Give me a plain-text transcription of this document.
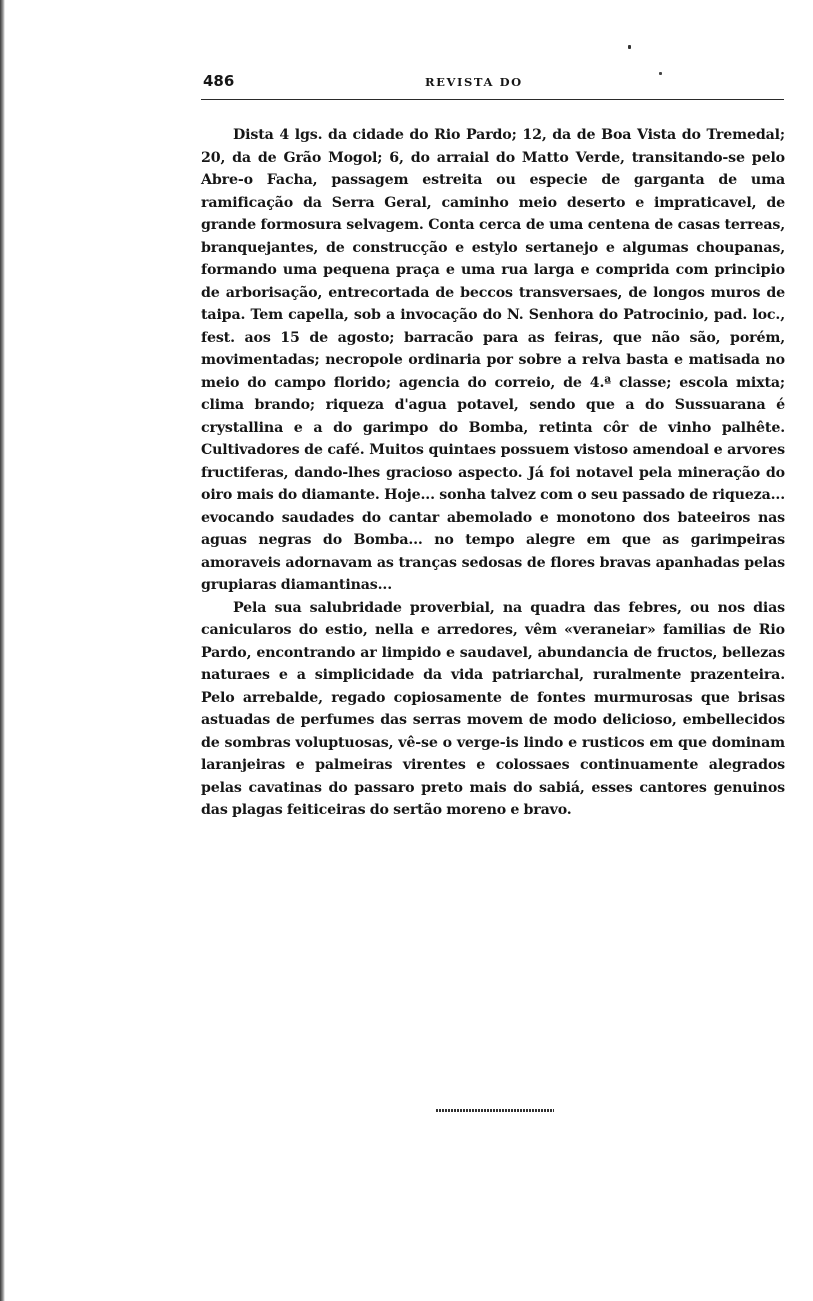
486	REVISTA DO

Dista 4 lgs. da cidade do Rio Pardo; 12, da de Boa Vista do Tremedal; 20, da de Grão Mogol; 6, do arraial do Matto Verde, transitando-se pelo Abre-o Facha, passagem estreita ou especie de garganta de uma ramificação da Serra Geral, caminho meio deserto e impraticavel, de grande formosura selvagem. Conta cerca de uma centena de casas terreas, branquejantes, de construcção e estylo sertanejo e algumas choupanas, formando uma pequena praça e uma rua larga e comprida com principio de arborisação, entrecortada de beccos transversaes, de longos muros de taipa. Tem capella, sob a invocação do N. Senhora do Patrocinio, pad. loc., fest. aos 15 de agosto; barracão para as feiras, que não são, porém, movimentadas; necropole ordinaria por sobre a relva basta e matisada no meio do campo florido; agencia do correio, de 4.ª classe; escola mixta; clima brando; riqueza d'agua potavel, sendo que a do Sussuarana é crystallina e a do garimpo do Bomba, retinta côr de vinho palhête. Cultivadores de café. Muitos quintaes possuem vistoso amendoal e arvores fructiferas, dando-lhes gracioso aspecto. Já foi notavel pela mineração do oiro mais do diamante. Hoje... sonha talvez com o seu passado de riqueza... evocando saudades do cantar abemolado e monotono dos bateeiros nas aguas negras do Bomba... no tempo alegre em que as garimpeiras amoraveis adornavam as tranças sedosas de flores bravas apanhadas pelas grupiaras diamantinas...

Pela sua salubridade proverbial, na quadra das febres, ou nos dias canicularos do estio, nella e arredores, vêm «veraneiar» familias de Rio Pardo, encontrando ar limpido e saudavel, abundancia de fructos, bellezas naturaes e a simplicidade da vida patriarchal, ruralmente prazenteira. Pelo arrebalde, regado copiosamente de fontes murmurosas que brisas astuadas de perfumes das serras movem de modo delicioso, embellecidos de sombras voluptuosas, vê-se o verge-is lindo e rusticos em que dominam laranjeiras e palmeiras virentes e colossaes continuamente alegrados pelas cavatinas do passaro preto mais do sabiá, esses cantores genuinos das plagas feiticeiras do sertão moreno e bravo.
